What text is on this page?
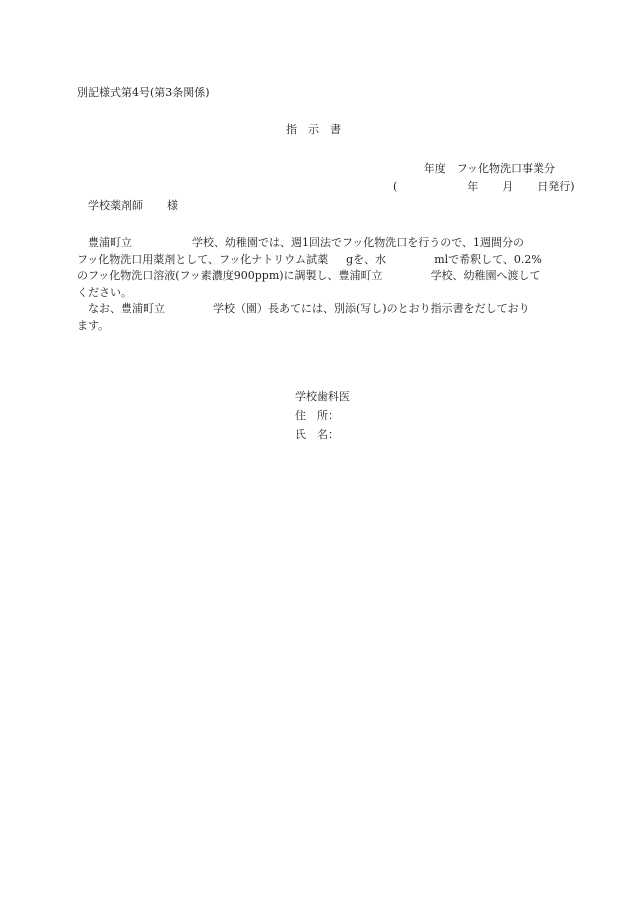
別記様式第4号(第3条関係)
指　示　書
年度　フッ化物洗口事業分
(	年 月 日発行)
学校薬剤師 様
　豊浦町立	学校、幼稚園では、週1回法でフッ化物洗口を行うので、1週間分の
フッ化物洗口用薬剤として、フッ化ナトリウム試薬 gを、水	mlで希釈して、0.2%
のフッ化物洗口溶液(フッ素濃度900ppm)に調製し、豊浦町立	学校、幼稚園へ渡して
ください。
　なお、豊浦町立	学校（園）長あてには、別添(写し)のとおり指示書をだしており
ます。
学校歯科医
住　所：
氏　名：
